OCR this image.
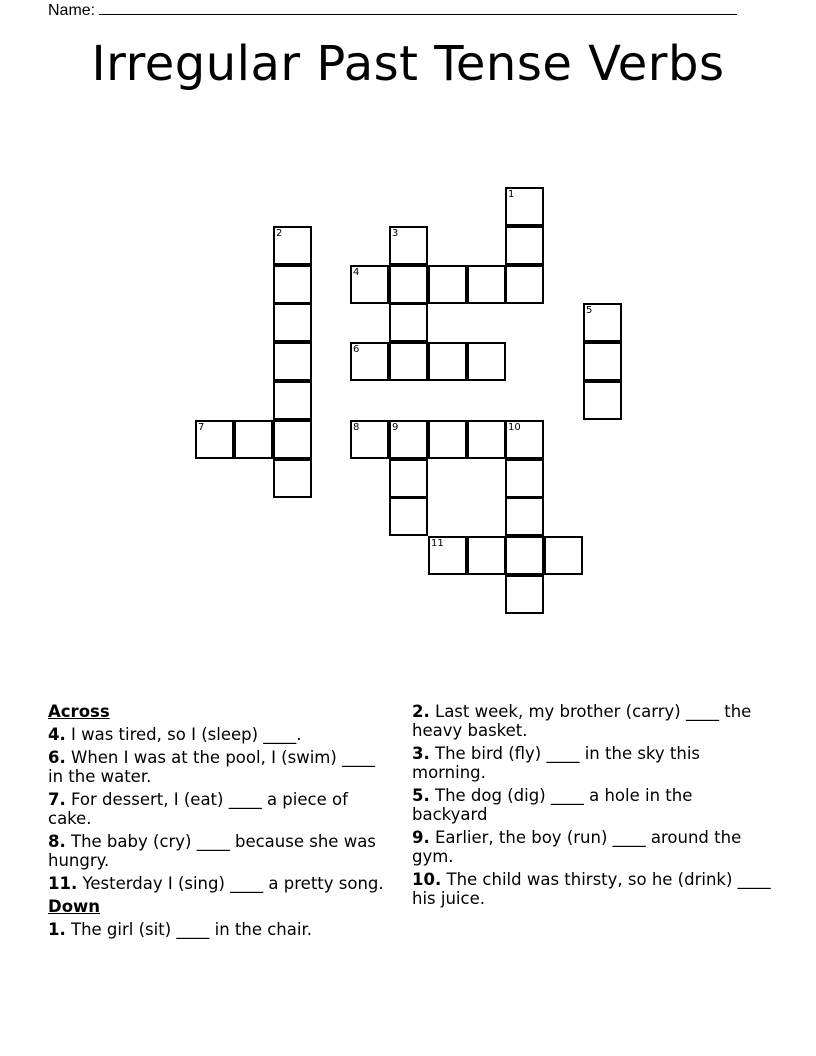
Name:
Irregular Past Tense Verbs
1
2	3
4
5
6
7	8	9	10
11
Across
4. I was tired, so I (sleep) ____.
6. When I was at the pool, I (swim) ____ in the water.
7. For dessert, I (eat) ____ a piece of cake.
8. The baby (cry) ____ because she was hungry.
11. Yesterday I (sing) ____ a pretty song.
Down
1. The girl (sit) ____ in the chair.
2. Last week, my brother (carry) ____ the heavy basket.
3. The bird (fly) ____ in the sky this morning.
5. The dog (dig) ____ a hole in the backyard
9. Earlier, the boy (run) ____ around the gym.
10. The child was thirsty, so he (drink) ____ his juice.
